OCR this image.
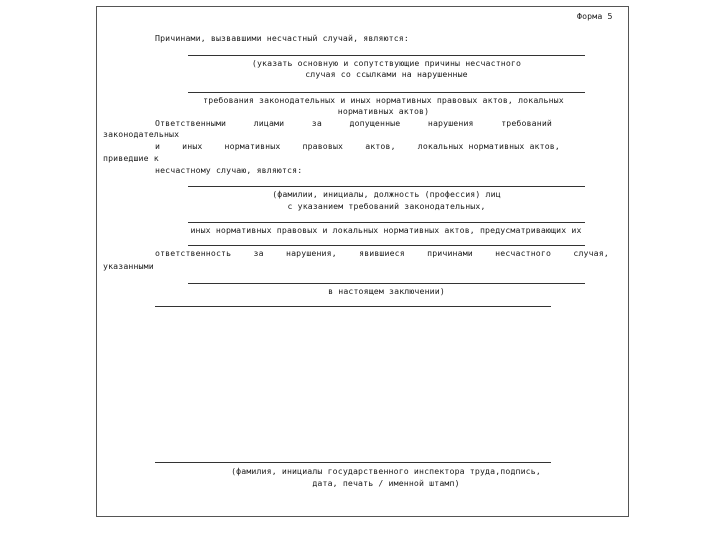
Форма 5
Причинами, вызвавшими несчастный случай, являются:
(указать основную и сопутствующие причины несчастного
случая со ссылками на нарушенные
требования законодательных и иных нормативных правовых актов, локальных
нормативных актов)
Ответственными	лицами	за	допущенные	нарушения	требований
законодательных
и	иных	нормативных	правовых	актов,	локальных нормативных актов,
приведшие к
несчастному случаю, являются:
(фамилии, инициалы, должность (профессия) лиц
с указанием требований законодательных,
иных нормативных правовых и локальных нормативных актов, предусматривающих их
ответственность	за	нарушения,	явившиеся	причинами	несчастного	случая,
указанными
в настоящем заключении)
(фамилия, инициалы государственного инспектора труда,подпись,
дата, печать / именной штамп)
